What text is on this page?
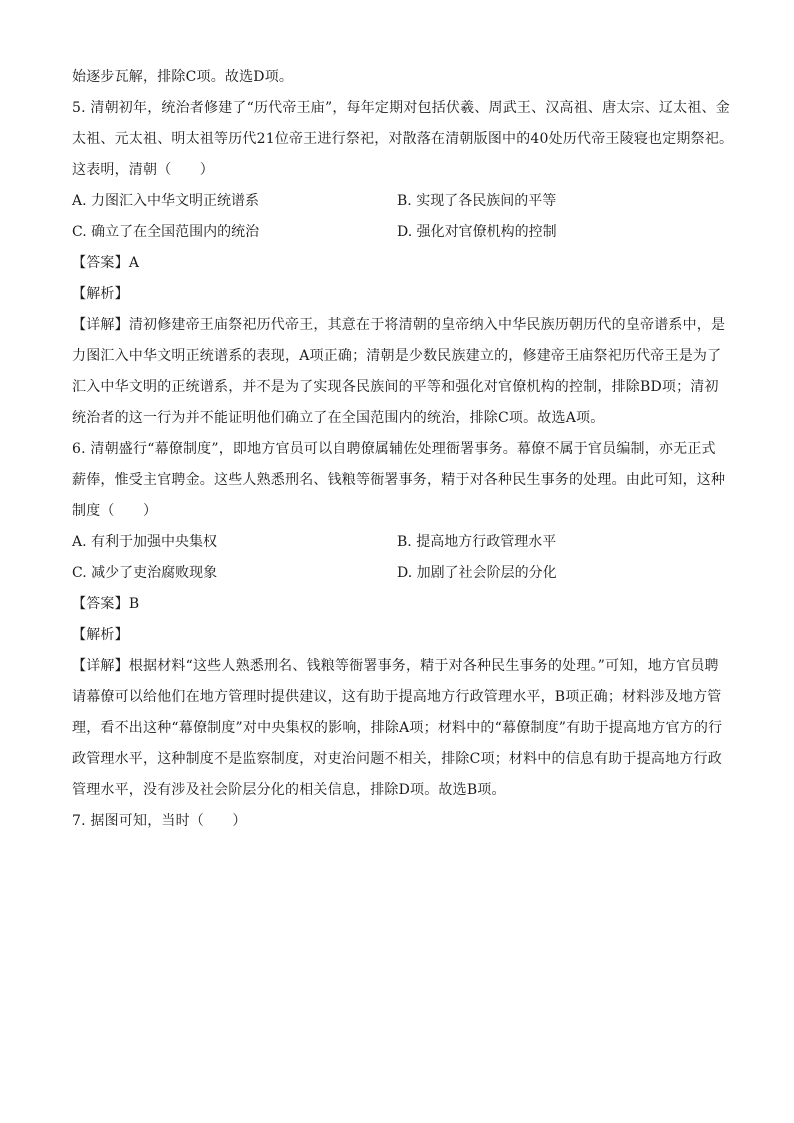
始逐步瓦解，排除C项。故选D项。
5. 清朝初年，统治者修建了“历代帝王庙”，每年定期对包括伏羲、周武王、汉高祖、唐太宗、辽太祖、金
太祖、元太祖、明太祖等历代21位帝王进行祭祀，对散落在清朝版图中的40处历代帝王陵寝也定期祭祀。
这表明，清朝（　　）
A. 力图汇入中华文明正统谱系	B. 实现了各民族间的平等
C. 确立了在全国范围内的统治	D. 强化对官僚机构的控制
【答案】A
【解析】
【详解】清初修建帝王庙祭祀历代帝王，其意在于将清朝的皇帝纳入中华民族历朝历代的皇帝谱系中，是
力图汇入中华文明正统谱系的表现，A项正确；清朝是少数民族建立的，修建帝王庙祭祀历代帝王是为了
汇入中华文明的正统谱系，并不是为了实现各民族间的平等和强化对官僚机构的控制，排除BD项；清初
统治者的这一行为并不能证明他们确立了在全国范围内的统治，排除C项。故选A项。
6. 清朝盛行“幕僚制度”，即地方官员可以自聘僚属辅佐处理衙署事务。幕僚不属于官员编制，亦无正式
薪俸，惟受主官聘金。这些人熟悉刑名、钱粮等衙署事务，精于对各种民生事务的处理。由此可知，这种
制度（　　）
A. 有利于加强中央集权	B. 提高地方行政管理水平
C. 减少了吏治腐败现象	D. 加剧了社会阶层的分化
【答案】B
【解析】
【详解】根据材料“这些人熟悉刑名、钱粮等衙署事务，精于对各种民生事务的处理。”可知，地方官员聘
请幕僚可以给他们在地方管理时提供建议，这有助于提高地方行政管理水平，B项正确；材料涉及地方管
理，看不出这种“幕僚制度”对中央集权的影响，排除A项；材料中的“幕僚制度”有助于提高地方官方的行
政管理水平，这种制度不是监察制度，对吏治问题不相关，排除C项；材料中的信息有助于提高地方行政
管理水平，没有涉及社会阶层分化的相关信息，排除D项。故选B项。
7. 据图可知，当时（　　）
